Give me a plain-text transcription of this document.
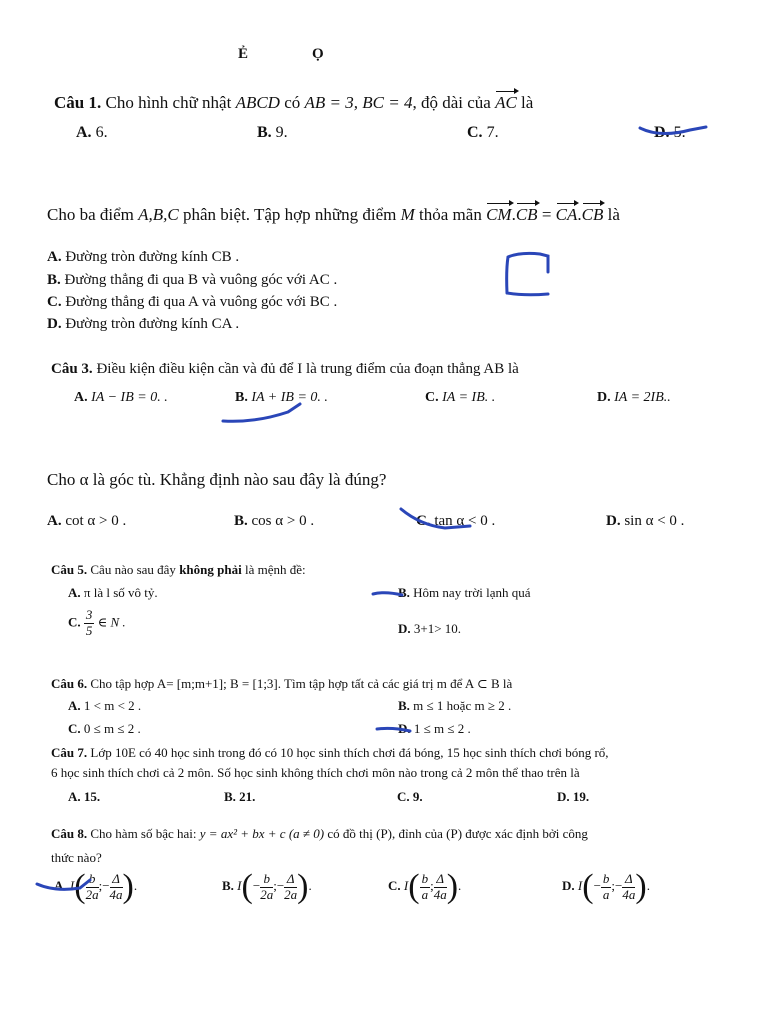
Ẻ	Ọ
Câu 1. Cho hình chữ nhật ABCD có AB = 3, BC = 4, độ dài của AC là
A. 6.	B. 9.	C. 7.	D. 5.
Cho ba điểm A,B,C phân biệt. Tập hợp những điểm M thỏa mãn CM.CB = CA.CB là
A. Đường tròn đường kính CB .
B. Đường thẳng đi qua B và vuông góc với AC .
C. Đường thẳng đi qua A và vuông góc với BC .
D. Đường tròn đường kính CA .
Câu 3. Điều kiện điều kiện cần và đủ để I là trung điểm của đoạn thẳng AB là
A. IA − IB = 0. .	B. IA + IB = 0. .	C. IA = IB. .	D. IA = 2IB..
Cho α là góc tù. Khẳng định nào sau đây là đúng?
A. cot α > 0 .	B. cos α > 0 .	C. tan α < 0 .	D. sin α < 0 .
Câu 5. Câu nào sau đây không phải là mệnh đề:
A. π là l số vô tỷ.	B. Hôm nay trời lạnh quá
C. $\frac{3}{5}$ ∈ N .	D. 3+1> 10.
Câu 6. Cho tập hợp A= [m;m+1]; B = [1;3]. Tìm tập hợp tất cả các giá trị m để A ⊂ B là
A. 1 < m < 2 .	B. m ≤ 1 hoặc m ≥ 2 .
C. 0 ≤ m ≤ 2 .	D. 1 ≤ m ≤ 2 .
Câu 7. Lớp 10E có 40 học sinh trong đó có 10 học sinh thích chơi đá bóng, 15 học sinh thích chơi bóng rổ,
6 học sinh thích chơi cả 2 môn. Số học sinh không thích chơi môn nào trong cả 2 môn thể thao trên là
A. 15.	B. 21.	C. 9.	D. 19.
Câu 8. Cho hàm số bậc hai: y = ax² + bx + c (a ≠ 0) có đồ thị (P), đỉnh của (P) được xác định bởi công
thức nào?
A. $I( \frac{b}{2a}$ ;− $\frac{\Delta}{4a}$ ).	B. $I(- \frac{b}{2a}$ ;− $\frac{\Delta}{2a}$ ).	C. $I( \frac{b}{a}$ ; $\frac{\Delta}{4a}$ ).	D. $I(- \frac{b}{a}$ ;− $\frac{\Delta}{4a}$ ).
